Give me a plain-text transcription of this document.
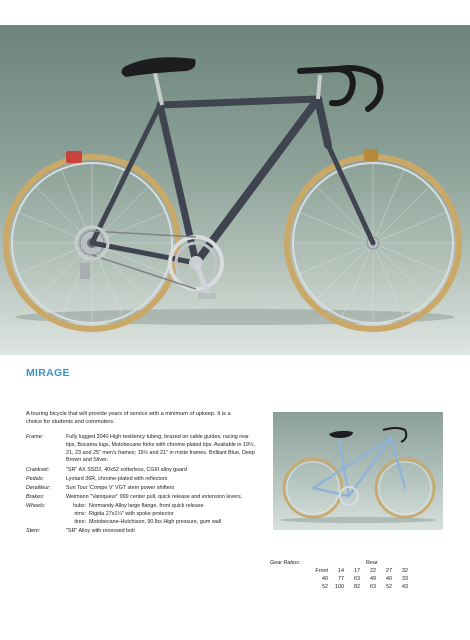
MIRAGE
A touring bicycle that will provide years of service with a minimum of upkeep. It is a choice for students and commuters.
Frame:	Fully lugged 2040 High resiliency tubing, brazed on cable guides, racing rear tips, Bocama lugs, Motobecane forks with chrome-plated tips. Available in 19½, 21, 23 and 25" men's frames; 19½ and 21" in mixte frames. Brilliant Blue, Deep Brown and Silver.
Crankset:	"SR" AX SSD2, 40x52 cotterless, CGIII alloy guard
Pedals:	Lyotard 36R, chrome-plated with reflectors
Derailleur:	Sun Tour 'Compe V' VGT stem power shifters
Brakes:	Weimann "Vainqueur" 999 center pull, quick release and extension levers.
Wheels:	hubs: Normandy Alloy large flange, front quick release
rims: Rigida 27x1¼" with spoke protector
tires: Motobecane-Hutchison, 90 lbs High pressure, gum wall
Stem:	"SR" Alloy with recessed bolt
Gear Ratios:	Rear
Front	14	17	22	27	32
40	77	63	49	40	33
52	100	82	63	52	43
